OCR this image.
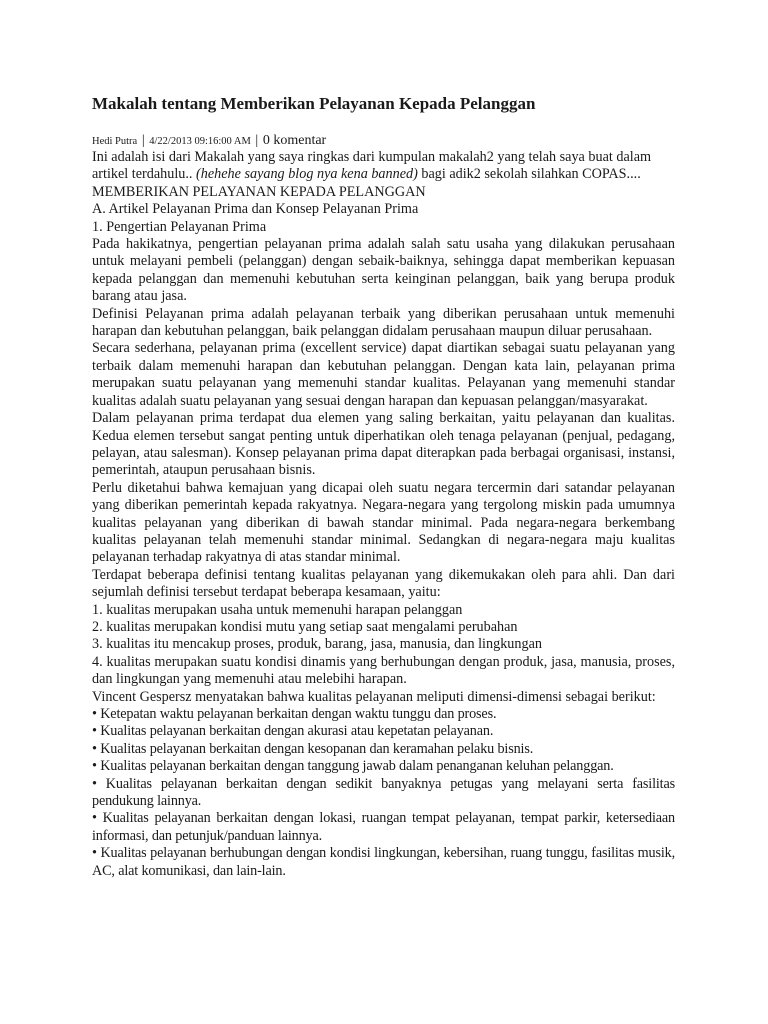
Makalah tentang Memberikan Pelayanan Kepada Pelanggan
Hedi Putra | 4/22/2013 09:16:00 AM | 0 komentar

Ini adalah isi dari Makalah yang saya ringkas dari kumpulan makalah2 yang telah saya buat dalam artikel terdahulu.. (hehehe sayang blog nya kena banned) bagi adik2 sekolah silahkan COPAS....

MEMBERIKAN PELAYANAN KEPADA PELANGGAN

A. Artikel Pelayanan Prima dan Konsep Pelayanan Prima

1. Pengertian Pelayanan Prima

Pada hakikatnya, pengertian pelayanan prima adalah salah satu usaha yang dilakukan perusahaan untuk melayani pembeli (pelanggan) dengan sebaik-baiknya, sehingga dapat memberikan kepuasan kepada pelanggan dan memenuhi kebutuhan serta keinginan pelanggan, baik yang berupa produk barang atau jasa.

Definisi Pelayanan prima adalah pelayanan terbaik yang diberikan perusahaan untuk memenuhi harapan dan kebutuhan pelanggan, baik pelanggan didalam perusahaan maupun diluar perusahaan.

Secara sederhana, pelayanan prima (excellent service) dapat diartikan sebagai suatu pelayanan yang terbaik dalam memenuhi harapan dan kebutuhan pelanggan. Dengan kata lain, pelayanan prima merupakan suatu pelayanan yang memenuhi standar kualitas. Pelayanan yang memenuhi standar kualitas adalah suatu pelayanan yang sesuai dengan harapan dan kepuasan pelanggan/masyarakat.

Dalam pelayanan prima terdapat dua elemen yang saling berkaitan, yaitu pelayanan dan kualitas. Kedua elemen tersebut sangat penting untuk diperhatikan oleh tenaga pelayanan (penjual, pedagang, pelayan, atau salesman). Konsep pelayanan prima dapat diterapkan pada berbagai organisasi, instansi, pemerintah, ataupun perusahaan bisnis.

Perlu diketahui bahwa kemajuan yang dicapai oleh suatu negara tercermin dari satandar pelayanan yang diberikan pemerintah kepada rakyatnya. Negara-negara yang tergolong miskin pada umumnya kualitas pelayanan yang diberikan di bawah standar minimal. Pada negara-negara berkembang kualitas pelayanan telah memenuhi standar minimal. Sedangkan di negara-negara maju kualitas pelayanan terhadap rakyatnya di atas standar minimal.

Terdapat beberapa definisi tentang kualitas pelayanan yang dikemukakan oleh para ahli. Dan dari sejumlah definisi tersebut terdapat beberapa kesamaan, yaitu:

1. kualitas merupakan usaha untuk memenuhi harapan pelanggan

2. kualitas merupakan kondisi mutu yang setiap saat mengalami perubahan

3. kualitas itu mencakup proses, produk, barang, jasa, manusia, dan lingkungan

4. kualitas merupakan suatu kondisi dinamis yang berhubungan dengan produk, jasa, manusia, proses, dan lingkungan yang memenuhi atau melebihi harapan.

Vincent Gespersz menyatakan bahwa kualitas pelayanan meliputi dimensi-dimensi sebagai berikut:

• Ketepatan waktu pelayanan berkaitan dengan waktu tunggu dan proses.

• Kualitas pelayanan berkaitan dengan akurasi atau kepetatan pelayanan.

• Kualitas pelayanan berkaitan dengan kesopanan dan keramahan pelaku bisnis.

• Kualitas pelayanan berkaitan dengan tanggung jawab dalam penanganan keluhan pelanggan.

• Kualitas pelayanan berkaitan dengan sedikit banyaknya petugas yang melayani serta fasilitas pendukung lainnya.

• Kualitas pelayanan berkaitan dengan lokasi, ruangan tempat pelayanan, tempat parkir, ketersediaan informasi, dan petunjuk/panduan lainnya.

• Kualitas pelayanan berhubungan dengan kondisi lingkungan, kebersihan, ruang tunggu, fasilitas musik, AC, alat komunikasi, dan lain-lain.
